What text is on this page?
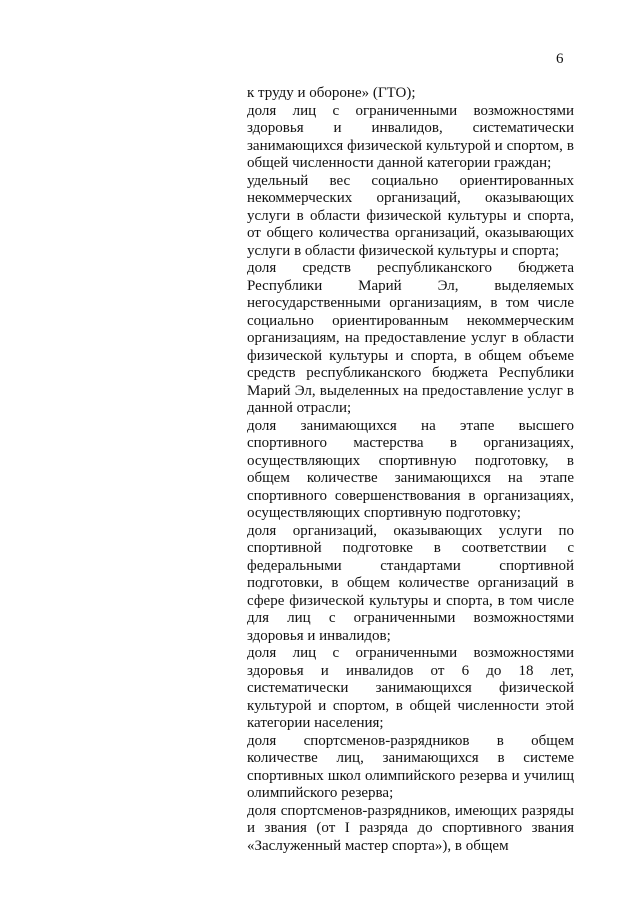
6

к труду и обороне» (ГТО);

доля лиц с ограниченными возможностями здоровья и инвалидов, систематически занимающихся физической культурой и спортом, в общей численности данной категории граждан;

удельный вес социально ориентированных некоммерческих организаций, оказывающих услуги в области физической культуры и спорта, от общего количества организаций, оказывающих услуги в области физической культуры и спорта;

доля средств республиканского бюджета Республики Марий Эл, выделяемых негосударственными организациям, в том числе социально ориентированным некоммерческим организациям, на предоставление услуг в области физической культуры и спорта, в общем объеме средств республиканского бюджета Республики Марий Эл, выделенных на предоставление услуг в данной отрасли;

доля занимающихся на этапе высшего спортивного мастерства в организациях, осуществляющих спортивную подготовку, в общем количестве занимающихся на этапе спортивного совершенствования в организациях, осуществляющих спортивную подготовку;

доля организаций, оказывающих услуги по спортивной подготовке в соответствии с федеральными стандартами спортивной подготовки, в общем количестве организаций в сфере физической культуры и спорта, в том числе для лиц с ограниченными возможностями здоровья и инвалидов;

доля лиц с ограниченными возможностями здоровья и инвалидов от 6 до 18 лет, систематически занимающихся физической культурой и спортом, в общей численности этой категории населения;

доля спортсменов-разрядников в общем количестве лиц, занимающихся в системе спортивных школ олимпийского резерва и училищ олимпийского резерва;

доля спортсменов-разрядников, имеющих разряды и звания (от I разряда до спортивного звания «Заслуженный мастер спорта»), в общем
